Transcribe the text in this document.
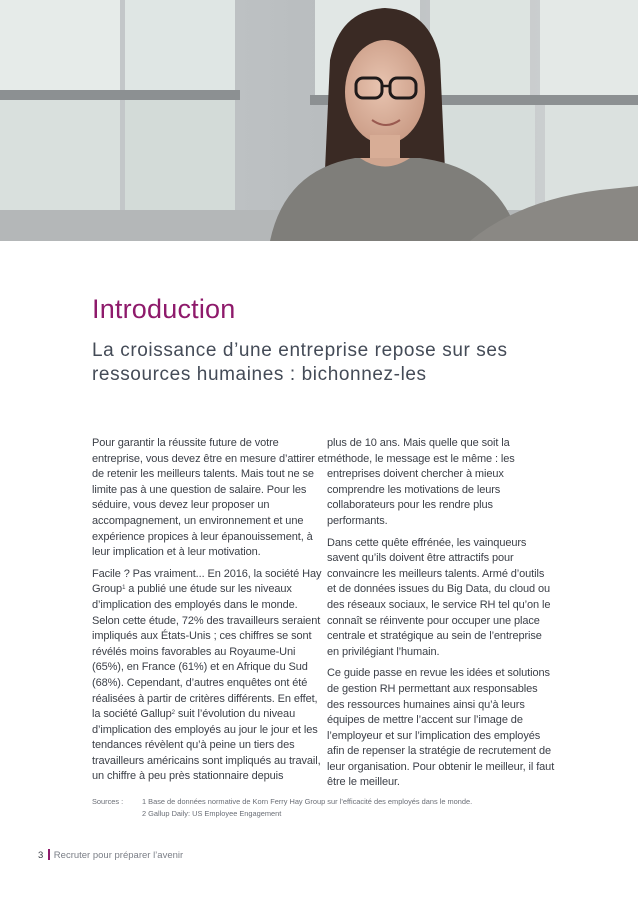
Introduction

La croissance d’une entreprise repose sur ses ressources humaines : bichonnez-les

Pour garantir la réussite future de votre entreprise, vous devez être en mesure d’attirer et de retenir les meilleurs talents. Mais tout ne se limite pas à une question de salaire. Pour les séduire, vous devez leur proposer un accompagnement, un environnement et une expérience propices à leur épanouissement, à leur implication et à leur motivation.

Facile ? Pas vraiment... En 2016, la société Hay Group$^1$ a publié une étude sur les niveaux d’implication des employés dans le monde. Selon cette étude, 72% des travailleurs seraient impliqués aux États-Unis ; ces chiffres se sont révélés moins favorables au Royaume-Uni (65%), en France (61%) et en Afrique du Sud (68%). Cependant, d’autres enquêtes ont été réalisées à partir de critères différents. En effet, la société Gallup$^2$ suit l’évolution du niveau d’implication des employés au jour le jour et les tendances révèlent qu’à peine un tiers des travailleurs américains sont impliqués au travail, un chiffre à peu près stationnaire depuis

plus de 10 ans. Mais quelle que soit la méthode, le message est le même : les entreprises doivent chercher à mieux comprendre les motivations de leurs collaborateurs pour les rendre plus performants.

Dans cette quête effrénée, les vainqueurs savent qu’ils doivent être attractifs pour convaincre les meilleurs talents. Armé d’outils et de données issues du Big Data, du cloud ou des réseaux sociaux, le service RH tel qu’on le connaît se réinvente pour occuper une place centrale et stratégique au sein de l’entreprise en privilégiant l’humain.

Ce guide passe en revue les idées et solutions de gestion RH permettant aux responsables des ressources humaines ainsi qu’à leurs équipes de mettre l’accent sur l’image de l’employeur et sur l’implication des employés afin de repenser la stratégie de recrutement de leur organisation. Pour obtenir le meilleur, il faut être le meilleur.

Sources :	1 Base de données normative de Korn Ferry Hay Group sur l’efficacité des employés dans le monde.
2 Gallup Daily: US Employee Engagement
3 Recruter pour préparer l’avenir
